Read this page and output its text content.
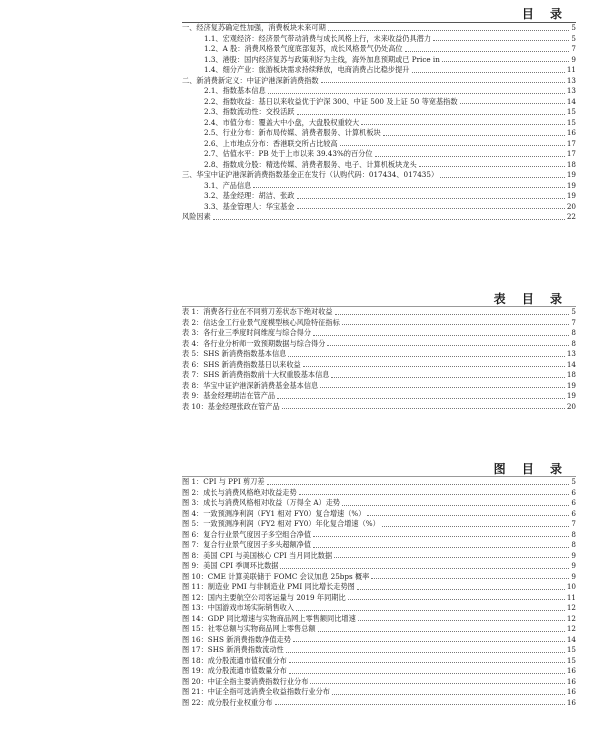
目 录
一、经济复苏确定性加强，消费板块未来可期	5
1.1、宏观经济：经济景气带动消费与成长风格上行，未来收益仍具潜力	5
1.2、A 股：消费风格景气度底部复苏，成长风格景气仍处高位	7
1.3、港股：国内经济复苏与政策利好为主线，海外加息预期或已 Price in	9
1.4、细分产业：旅游板块需求持续释放，电商消费占比稳步提升	11
二、新消费新定义：中证沪港深新消费指数	13
2.1、指数基本信息	13
2.2、指数收益：基日以来收益优于沪深 300、中证 500 及上证 50 等宽基指数	14
2.3、指数流动性：交投活跃	15
2.4、市值分布：覆盖大中小盘，大盘股权重较大	15
2.5、行业分布：新布局传媒、消费者服务、计算机板块	16
2.6、上市地点分布：香港联交所占比较高	17
2.7、估值水平：PB 处于上市以来 39.43%的百分位	17
2.8、指数成分股：精选传媒、消费者服务、电子、计算机板块龙头	18
三、华宝中证沪港深新消费指数基金正在发行（认购代码：017434、017435）	19
3.1、产品信息	19
3.2、基金经理：胡洁、张政	19
3.3、基金管理人：华宝基金	20
风险因素	22
表 目 录
表 1：消费各行业在不同剪刀差状态下绝对收益	5
表 2：信达金工行业景气度模型核心风险特征指标	7
表 3：各行业三季度时间维度与综合得分	8
表 4：各行业分析师一致预期数据与综合得分	8
表 5：SHS 新消费指数基本信息	13
表 6：SHS 新消费指数基日以来收益	14
表 7：SHS 新消费指数前十大权重股基本信息	18
表 8：华宝中证沪港深新消费基金基本信息	19
表 9：基金经理胡洁在管产品	19
表 10：基金经理张政在管产品	20
图 目 录
图 1：CPI 与 PPI 剪刀差	5
图 2：成长与消费风格绝对收益走势	6
图 3：成长与消费风格相对收益（万得全 A）走势	6
图 4：一致预测净利润（FY1 相对 FY0）复合增速（%）	6
图 5：一致预测净利润（FY2 相对 FY0）年化复合增速（%）	7
图 6：复合行业景气度因子多空组合净值	8
图 7：复合行业景气度因子多头超额净值	8
图 8：美国 CPI 与美国核心 CPI 当月同比数据	9
图 9：美国 CPI 季调环比数据	9
图 10：CME 计算美联储于 FOMC 会议加息 25bps 概率	9
图 11：制造业 PMI 与非制造业 PMI 同比增长走势图	10
图 12：国内主要航空公司客运量与 2019 年同期比	11
图 13：中国游戏市场实际销售收入	12
图 14：GDP 同比增速与实物商品网上零售额同比增速	12
图 15：社零总额与实物商品网上零售总额	12
图 16：SHS 新消费指数净值走势	14
图 17：SHS 新消费指数流动性	15
图 18：成分股流通市值权重分布	15
图 19：成分股流通市值数量分布	16
图 20：中证全指主要消费指数行业分布	16
图 21：中证全指可选消费全收益指数行业分布	16
图 22：成分股行业权重分布	16
